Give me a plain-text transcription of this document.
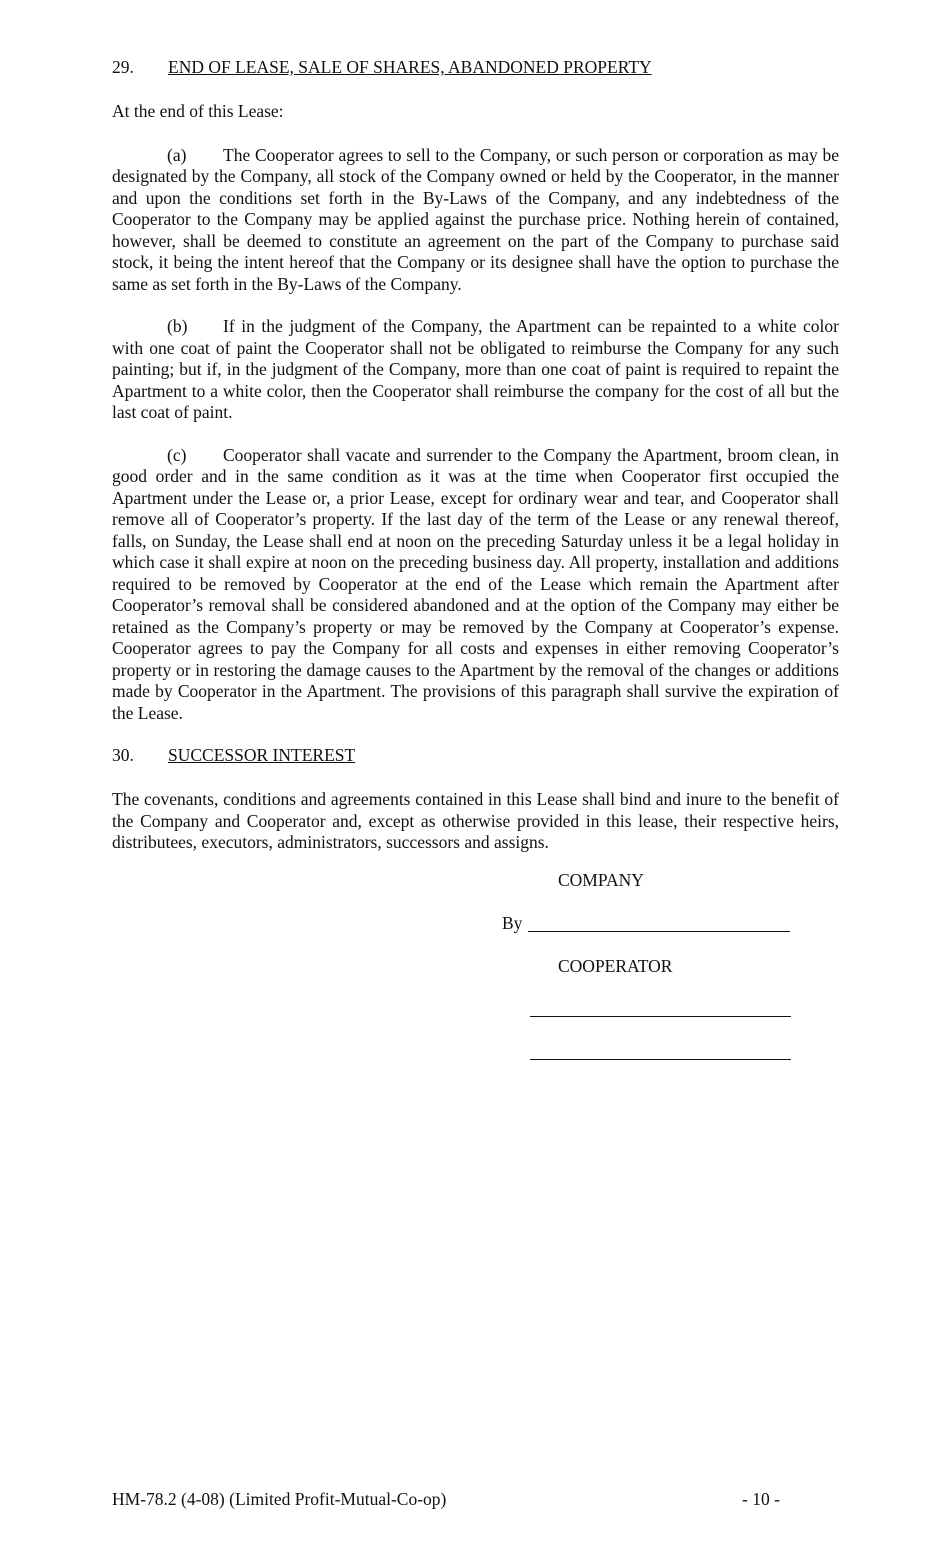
29. END OF LEASE, SALE OF SHARES, ABANDONED PROPERTY

At the end of this Lease:

(a) The Cooperator agrees to sell to the Company, or such person or corporation as may be designated by the Company, all stock of the Company owned or held by the Cooperator, in the manner and upon the conditions set forth in the By-Laws of the Company, and any indebtedness of the Cooperator to the Company may be applied against the purchase price. Nothing herein of contained, however, shall be deemed to constitute an agreement on the part of the Company to purchase said stock, it being the intent hereof that the Company or its designee shall have the option to purchase the same as set forth in the By-Laws of the Company.

(b) If in the judgment of the Company, the Apartment can be repainted to a white color with one coat of paint the Cooperator shall not be obligated to reimburse the Company for any such painting; but if, in the judgment of the Company, more than one coat of paint is required to repaint the Apartment to a white color, then the Cooperator shall reimburse the company for the cost of all but the last coat of paint.

(c) Cooperator shall vacate and surrender to the Company the Apartment, broom clean, in good order and in the same condition as it was at the time when Cooperator first occupied the Apartment under the Lease or, a prior Lease, except for ordinary wear and tear, and Cooperator shall remove all of Cooperator’s property. If the last day of the term of the Lease or any renewal thereof, falls, on Sunday, the Lease shall end at noon on the preceding Saturday unless it be a legal holiday in which case it shall expire at noon on the preceding business day. All property, installation and additions required to be removed by Cooperator at the end of the Lease which remain the Apartment after Cooperator’s removal shall be considered abandoned and at the option of the Company may either be retained as the Company’s property or may be removed by the Company at Cooperator’s expense. Cooperator agrees to pay the Company for all costs and expenses in either removing Cooperator’s property or in restoring the damage causes to the Apartment by the removal of the changes or additions made by Cooperator in the Apartment. The provisions of this paragraph shall survive the expiration of the Lease.

30. SUCCESSOR INTEREST

The covenants, conditions and agreements contained in this Lease shall bind and inure to the benefit of the Company and Cooperator and, except as otherwise provided in this lease, their respective heirs, distributees, executors, administrators, successors and assigns.

COMPANY
By
COOPERATOR
HM-78.2 (4-08) (Limited Profit-Mutual-Co-op)	- 10 -
